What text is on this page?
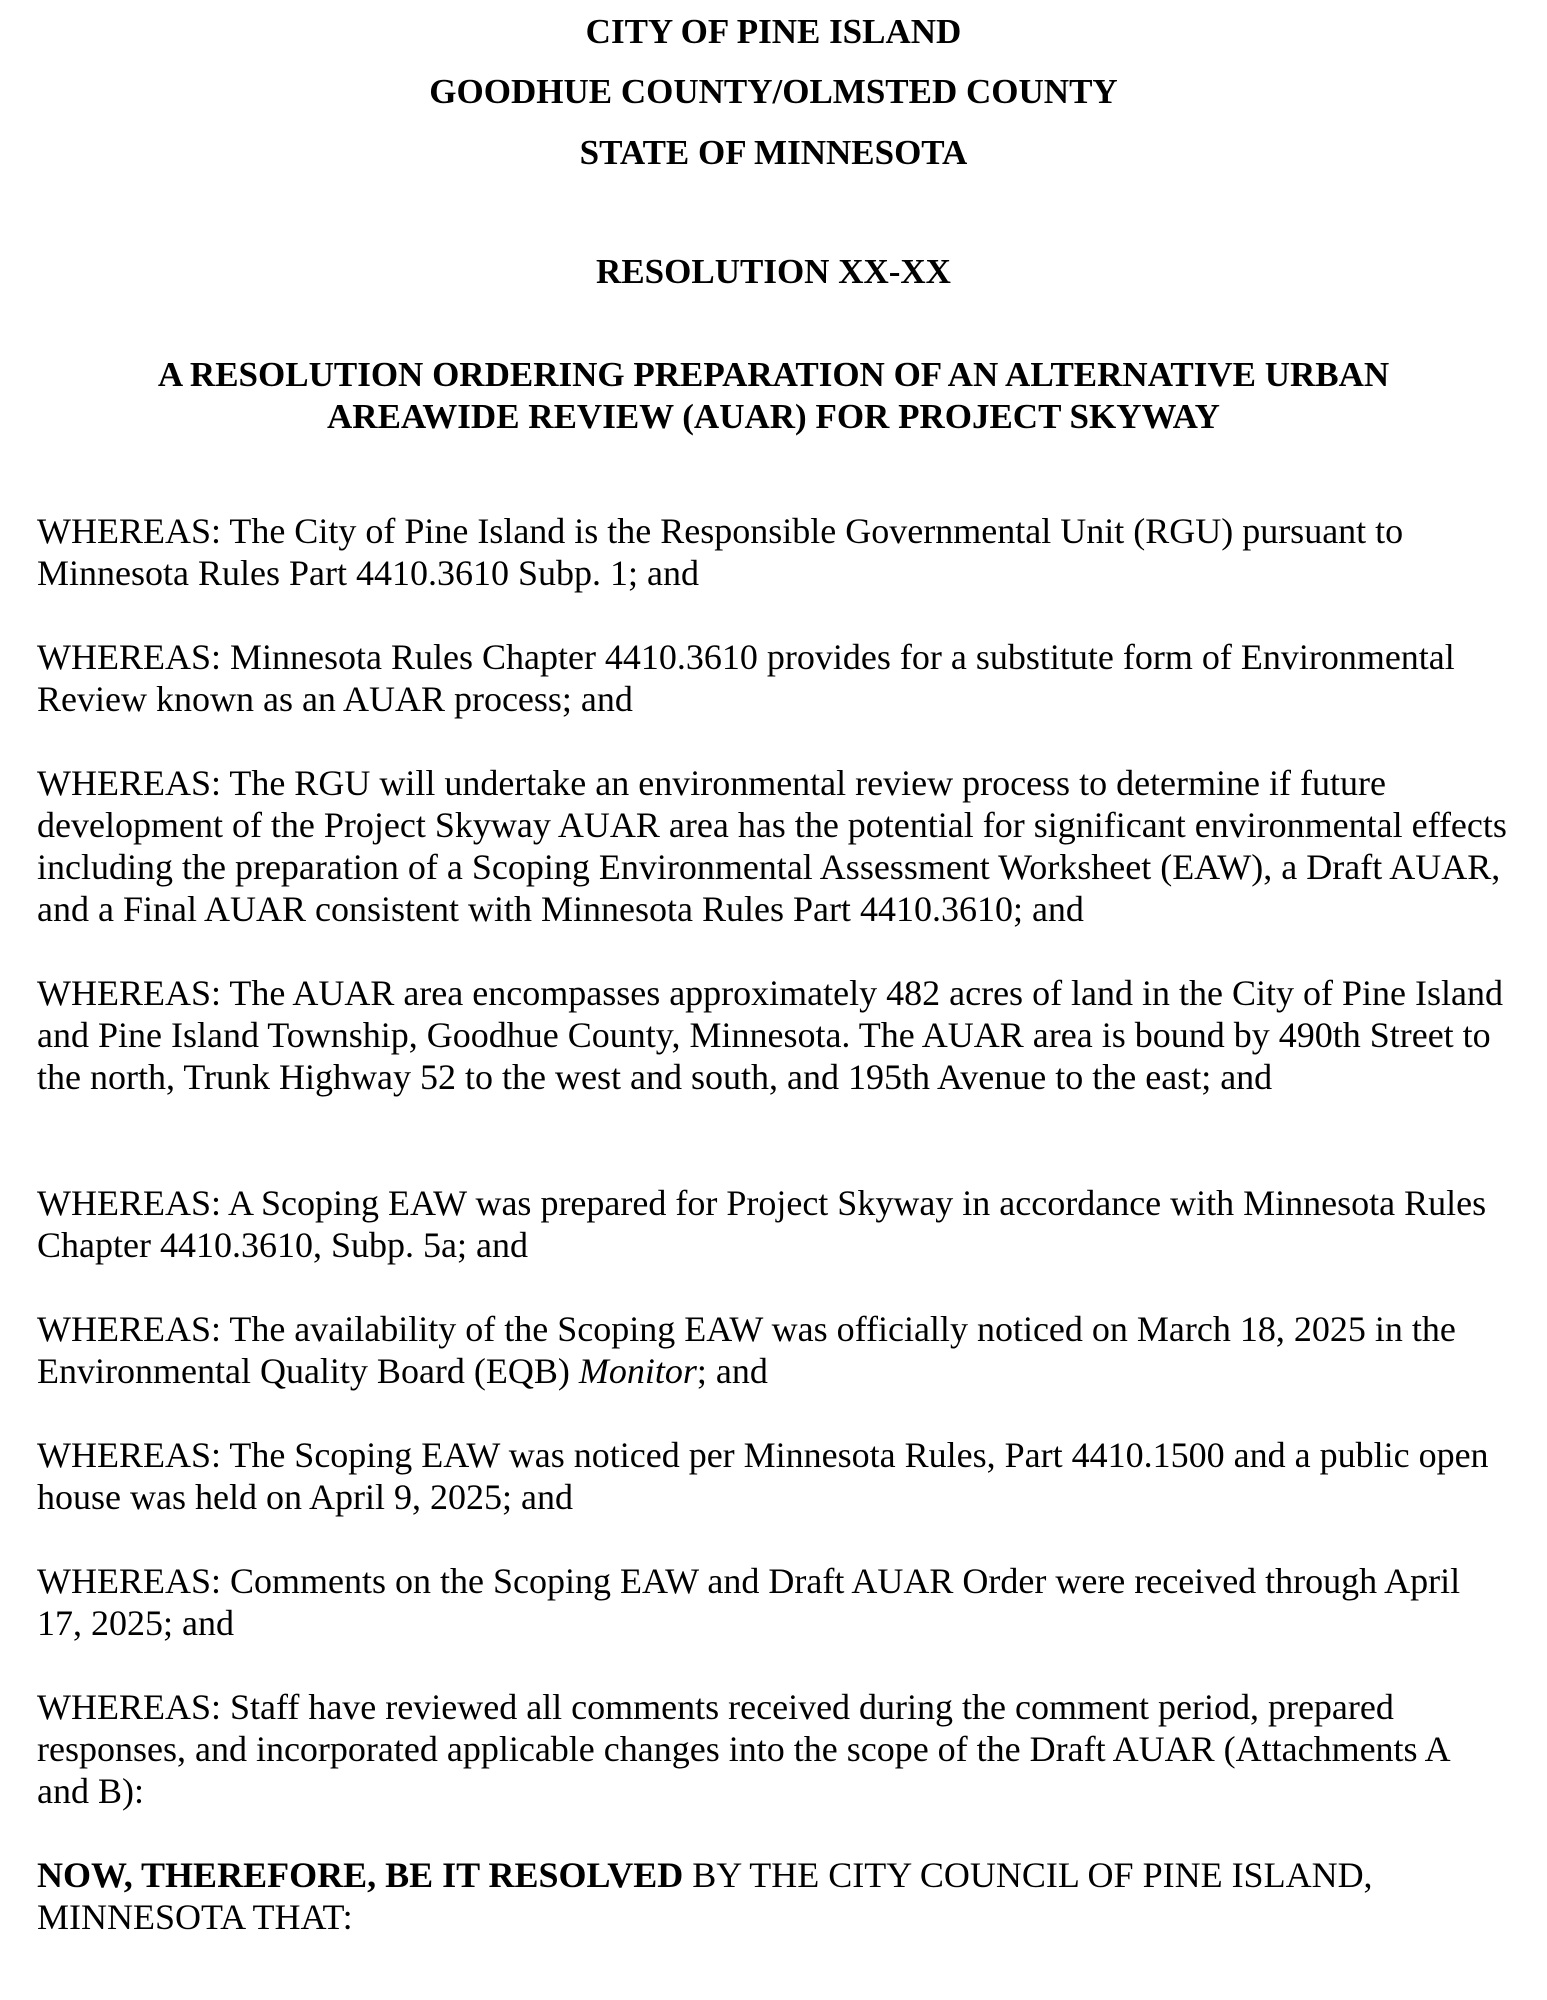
CITY OF PINE ISLAND

GOODHUE COUNTY/OLMSTED COUNTY

STATE OF MINNESOTA

RESOLUTION XX-XX

A RESOLUTION ORDERING PREPARATION OF AN ALTERNATIVE URBAN

AREAWIDE REVIEW (AUAR) FOR PROJECT SKYWAY

WHEREAS: The City of Pine Island is the Responsible Governmental Unit (RGU) pursuant to Minnesota Rules Part 4410.3610 Subp. 1; and

WHEREAS: Minnesota Rules Chapter 4410.3610 provides for a substitute form of Environmental Review known as an AUAR process; and

WHEREAS: The RGU will undertake an environmental review process to determine if future development of the Project Skyway AUAR area has the potential for significant environmental effects including the preparation of a Scoping Environmental Assessment Worksheet (EAW), a Draft AUAR, and a Final AUAR consistent with Minnesota Rules Part 4410.3610; and

WHEREAS: The AUAR area encompasses approximately 482 acres of land in the City of Pine Island and Pine Island Township, Goodhue County, Minnesota. The AUAR area is bound by 490th Street to the north, Trunk Highway 52 to the west and south, and 195th Avenue to the east; and

WHEREAS: A Scoping EAW was prepared for Project Skyway in accordance with Minnesota Rules Chapter 4410.3610, Subp. 5a; and

WHEREAS: The availability of the Scoping EAW was officially noticed on March 18, 2025 in the Environmental Quality Board (EQB) Monitor; and

WHEREAS: The Scoping EAW was noticed per Minnesota Rules, Part 4410.1500 and a public open house was held on April 9, 2025; and

WHEREAS: Comments on the Scoping EAW and Draft AUAR Order were received through April 17, 2025; and

WHEREAS: Staff have reviewed all comments received during the comment period, prepared responses, and incorporated applicable changes into the scope of the Draft AUAR (Attachments A and B):

NOW, THEREFORE, BE IT RESOLVED BY THE CITY COUNCIL OF PINE ISLAND, MINNESOTA THAT:
